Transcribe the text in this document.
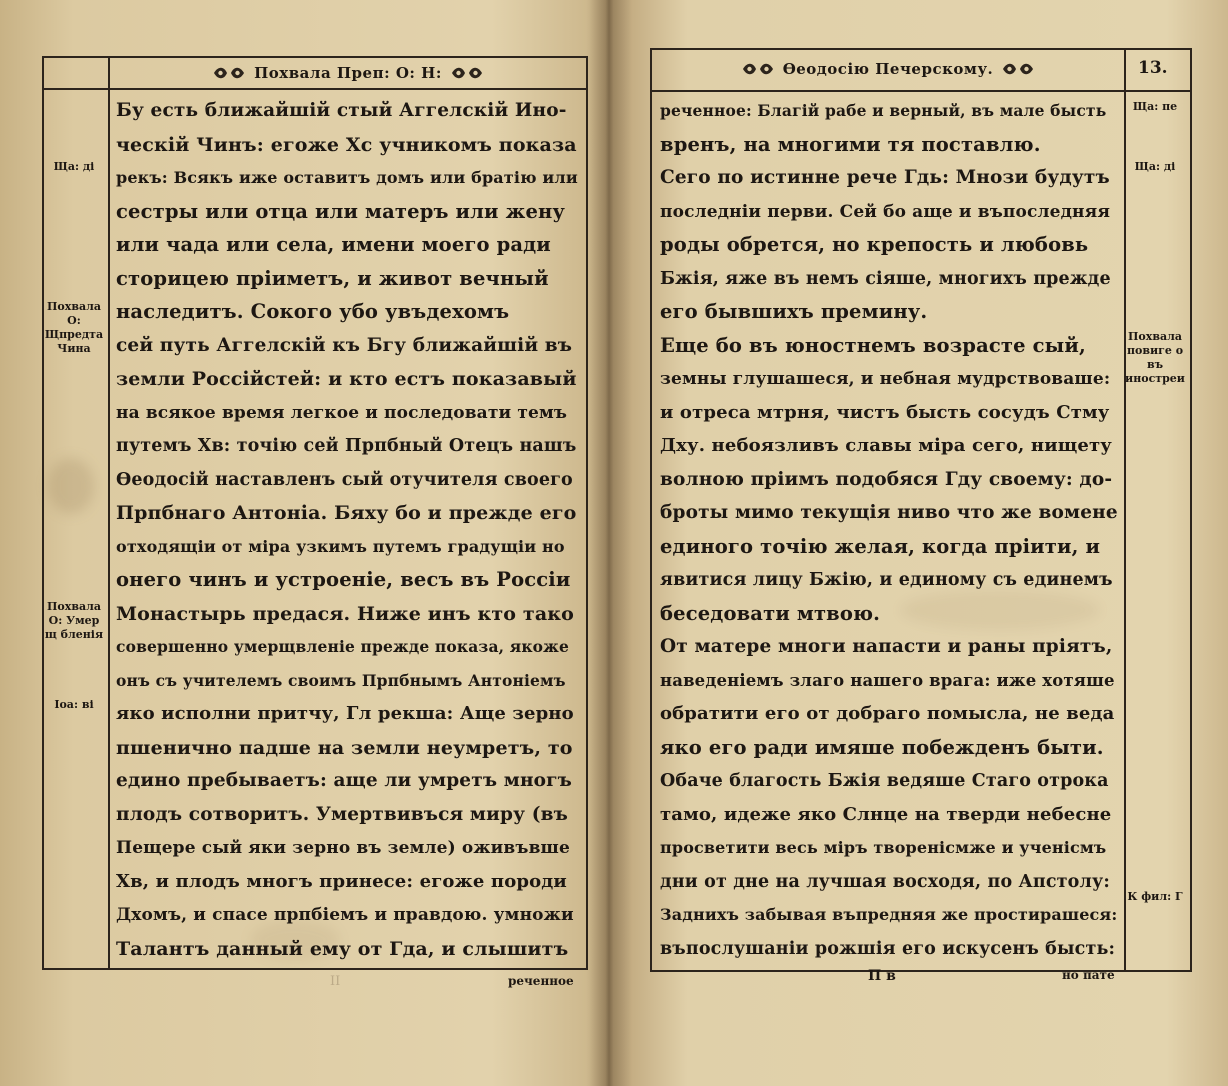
Похвала Преп: О: Н:
Бу есть ближайшій стый Аггелскій Ино-
ческій Чинъ: егоже Хс учникомъ показа
рекъ: Всякъ иже оставитъ домъ или братію или
сестры или отца или матеръ или жену
или чада или села, имени моего ради
сторицею пріиметъ, и живот вечный
наследитъ. Сокого убо увъдехомъ
сей путь Аггелскій къ Бгу ближайшій въ
земли Россійстей: и кто естъ показавый
на всякое время легкое и последовати темъ
путемъ Хв: точію сей Прпбный Отецъ нашъ
Өеодосій наставленъ сый отучителя своего
Прпбнаго Антоніа. Бяху бо и прежде его
отходящіи от міра узкимъ путемъ градущіи но
онего чинъ и устроеніе, весъ въ Россіи
Монастырь предася. Ниже инъ кто тако
совершенно умерщвленіе прежде показа, якоже
онъ съ учителемъ своимъ Прпбнымъ Антоніемъ
яко исполни притчу, Гл рекша: Аще зерно
пшенично падше на земли неумретъ, то
едино пребываетъ: аще ли умретъ многъ
плодъ сотворитъ. Умертвивъся миру (въ
Пещере сый яки зерно въ земле) оживъвше
Хв, и плодъ многъ принесе: егоже породи
Дхомъ, и спасе прпбіемъ и правдою. умножи
Талантъ данный ему от Гда, и слышитъ
Ща: ді
Похвала О: Щпредта Чина
Похвала О: Умер щ бленія
Іоа: ві
реченное
II
Өеодосію Печерскому.	13.
реченное: Благій рабе и верный, въ мале бысть
вренъ, на многими тя поставлю.
Сего по истинне рече Гдь: Мнози будутъ
последніи перви. Сей бо аще и въпоследняя
роды обрется, но крепость и любовь
Бжія, яже въ немъ сіяше, многихъ прежде
его бывшихъ премину.
Еще бо въ юностнемъ возрасте сый,
земны глушашеся, и небная мудрствоваше:
и отреса мтрня, чистъ бысть сосудъ Стму
Дху. небоязливъ славы міра сего, нищету
волною пріимъ подобяся Гду своему: до-
броты мимо текущія ниво что же вомене
единого точію желая, когда пріити, и
явитися лицу Бжію, и единому съ единемъ
беседовати мтвою.
От матере многи напасти и раны пріятъ,
наведеніемъ злаго нашего врага: иже хотяше
обратити его от добраго помысла, не веда
яко его ради имяше побежденъ быти.
Обаче благость Бжія ведяше Стаго отрока
тамо, идеже яко Слнце на тверди небесне
просветити весь міръ творенісмже и ученісмъ
дни от дне на лучшая восходя, по Апстолу:
Заднихъ забывая въпредняя же простирашеся:
въпослушаніи рожшія его искусенъ бысть:
Ща: пе
Ща: ді
Похвала повиге о въ иностреи
К фил: Г
П в	но пате
